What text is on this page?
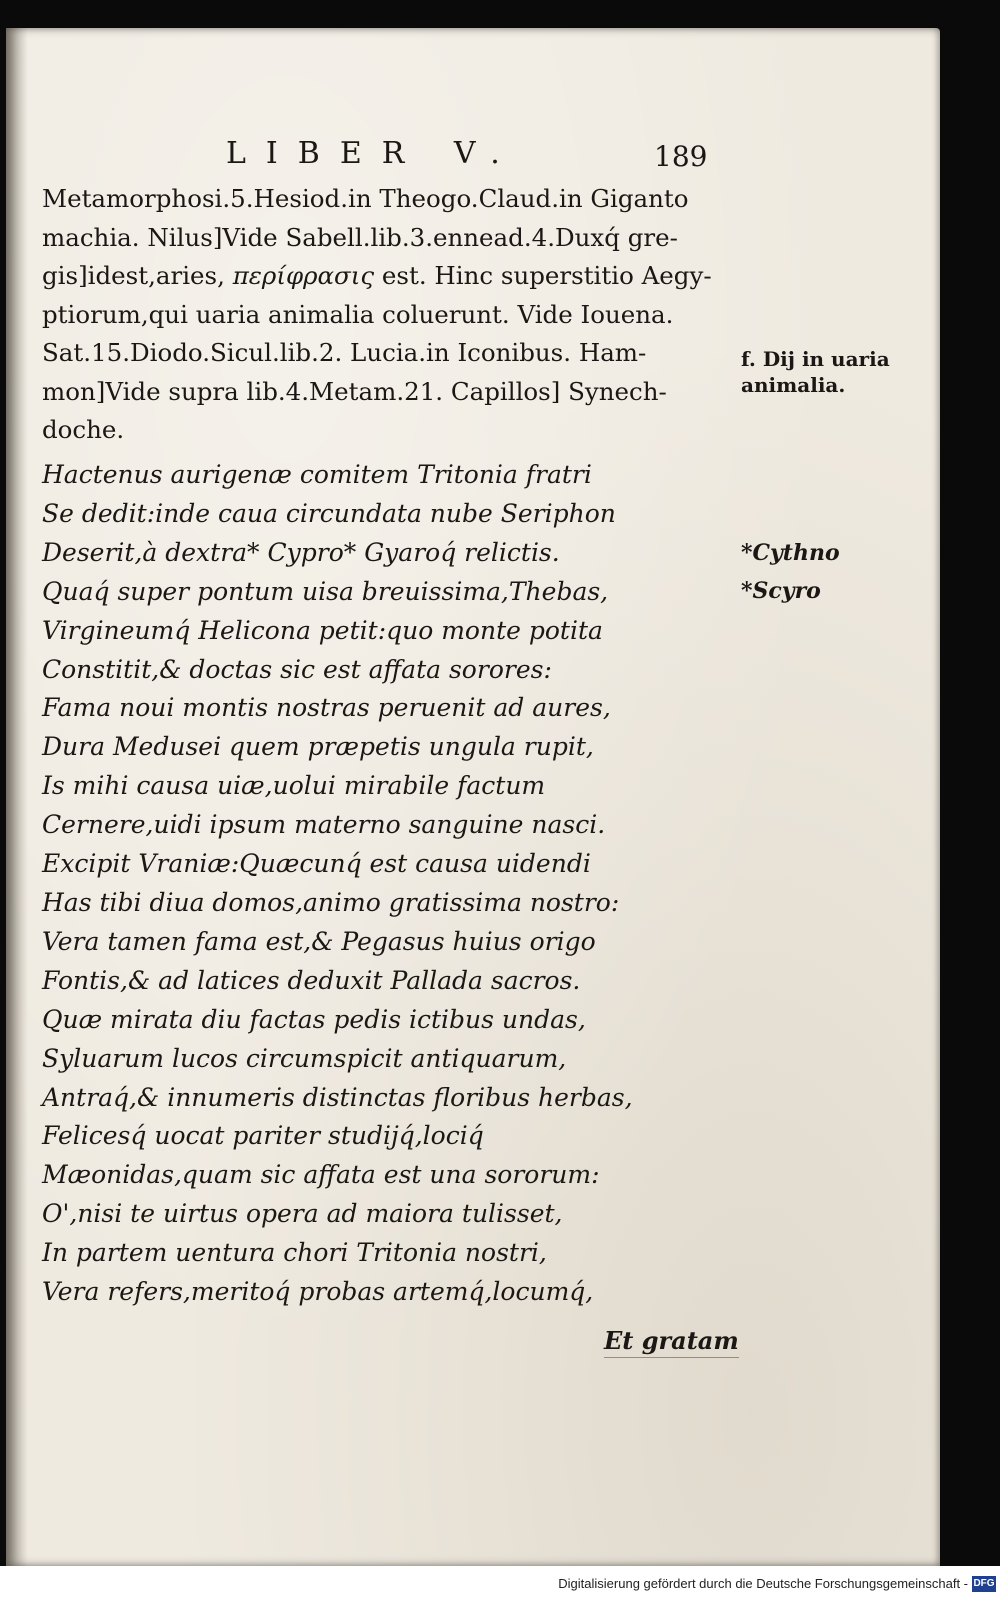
LIBER V.	189
Metamorphosi.5.Hesiod.in Theogo.Claud.in Giganto
machia. Nilus]Vide Sabell.lib.3.ennead.4.Duxq́ gre-
gis]idest,aries, περίφρασις est. Hinc superstitio Aegy-
ptiorum,qui uaria animalia coluerunt. Vide Iouena.
Sat.15.Diodo.Sicul.lib.2. Lucia.in Iconibus. Ham-
mon]Vide supra lib.4.Metam.21. Capillos] Synech-
doche.
Hactenus aurigenæ comitem Tritonia fratri
Se dedit:inde caua circundata nube Seriphon
Deserit,à dextra* Cypro* Gyaroq́ relictis.
Quaq́ super pontum uisa breuissima,Thebas,
Virgineumq́ Helicona petit:quo monte potita
Constitit,& doctas sic est affata sorores:
Fama noui montis nostras peruenit ad aures,
Dura Medusei quem præpetis ungula rupit,
Is mihi causa uiæ,uolui mirabile factum
Cernere,uidi ipsum materno sanguine nasci.
Excipit Vraniæ:Quæcunq́ est causa uidendi
Has tibi diua domos,animo gratissima nostro:
Vera tamen fama est,& Pegasus huius origo
Fontis,& ad latices deduxit Pallada sacros.
Quæ mirata diu factas pedis ictibus undas,
Syluarum lucos circumspicit antiquarum,
Antraq́,& innumeris distinctas floribus herbas,
Felicesq́ uocat pariter studijq́,lociq́
Mæonidas,quam sic affata est una sororum:
O',nisi te uirtus opera ad maiora tulisset,
In partem uentura chori Tritonia nostri,
Vera refers,meritoq́ probas artemq́,locumq́,
Et gratam
f. Dij in uaria
animalia.
*Cythno
*Scyro
Digitalisierung gefördert durch die Deutsche Forschungsgemeinschaft - DFG
